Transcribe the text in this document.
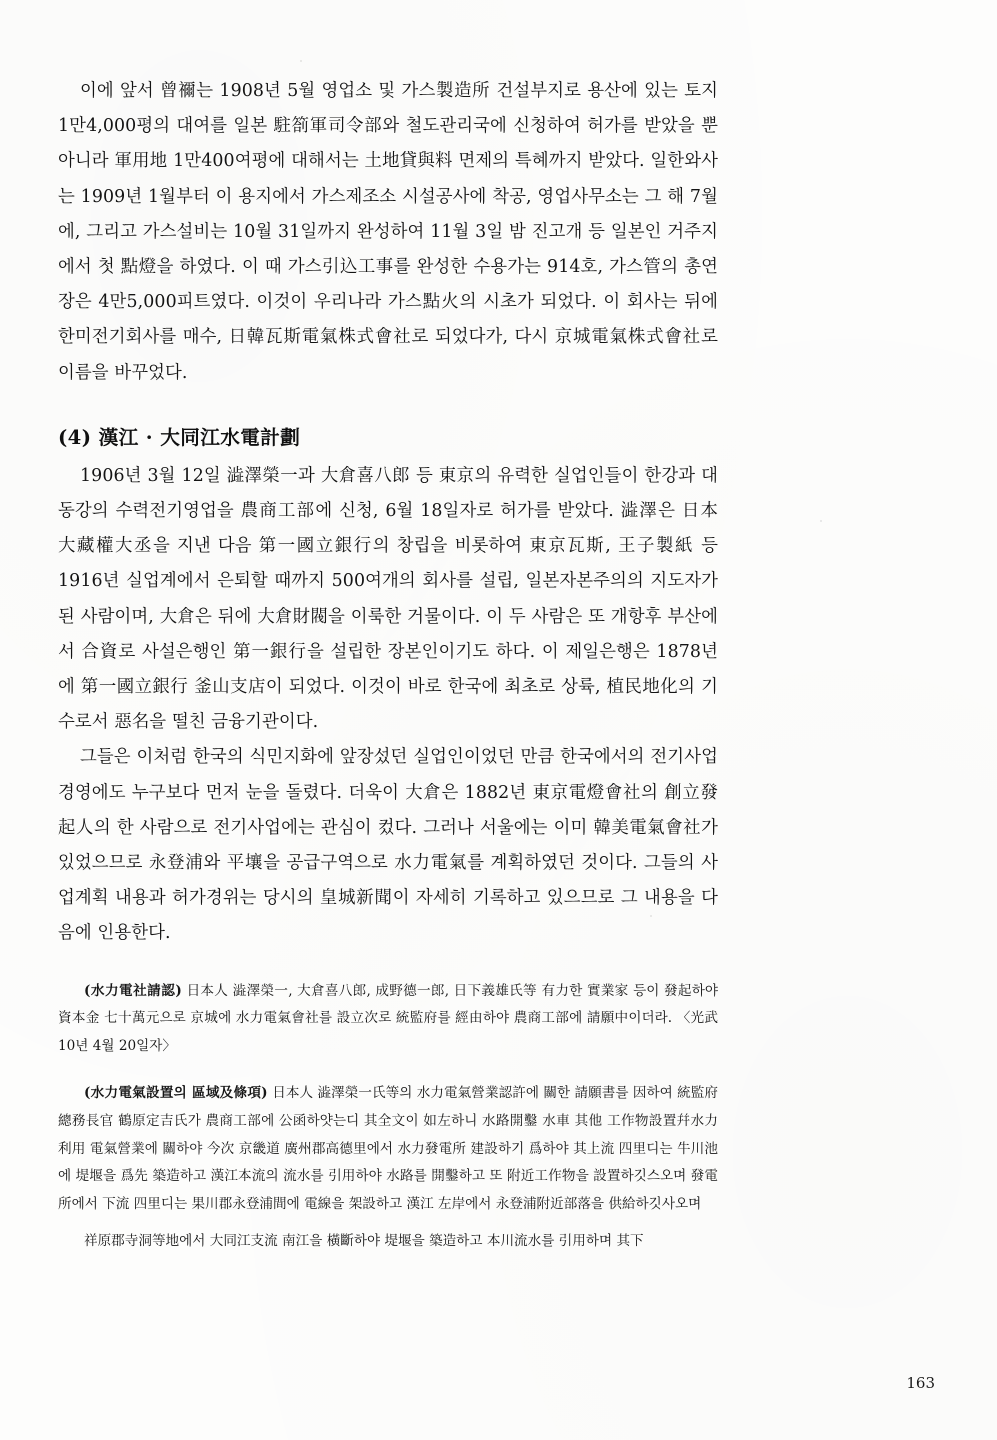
이에 앞서 曾禰는 1908년 5월 영업소 및 가스製造所 건설부지로 용산에 있는 토지 1만4,000평의 대여를 일본 駐箚軍司令部와 철도관리국에 신청하여 허가를 받았을 뿐 아니라 軍用地 1만400여평에 대해서는 土地貸與料 면제의 특혜까지 받았다. 일한와사는 1909년 1월부터 이 용지에서 가스제조소 시설공사에 착공, 영업사무소는 그 해 7월에, 그리고 가스설비는 10월 31일까지 완성하여 11월 3일 밤 진고개 등 일본인 거주지에서 첫 點燈을 하였다. 이 때 가스引込工事를 완성한 수용가는 914호, 가스管의 총연장은 4만5,000피트였다. 이것이 우리나라 가스點火의 시초가 되었다. 이 회사는 뒤에 한미전기회사를 매수, 日韓瓦斯電氣株式會社로 되었다가, 다시 京城電氣株式會社로 이름을 바꾸었다.

(4) 漢江 · 大同江水電計劃

1906년 3월 12일 澁澤榮一과 大倉喜八郎 등 東京의 유력한 실업인들이 한강과 대동강의 수력전기영업을 農商工部에 신청, 6월 18일자로 허가를 받았다. 澁澤은 日本 大藏權大丞을 지낸 다음 第一國立銀行의 창립을 비롯하여 東京瓦斯, 王子製紙 등 1916년 실업계에서 은퇴할 때까지 500여개의 회사를 설립, 일본자본주의의 지도자가 된 사람이며, 大倉은 뒤에 大倉財閥을 이룩한 거물이다. 이 두 사람은 또 개항후 부산에서 合資로 사설은행인 第一銀行을 설립한 장본인이기도 하다. 이 제일은행은 1878년에 第一國立銀行 釜山支店이 되었다. 이것이 바로 한국에 최초로 상륙, 植民地化의 기수로서 惡名을 떨친 금융기관이다.

그들은 이처럼 한국의 식민지화에 앞장섰던 실업인이었던 만큼 한국에서의 전기사업 경영에도 누구보다 먼저 눈을 돌렸다. 더욱이 大倉은 1882년 東京電燈會社의 創立發起人의 한 사람으로 전기사업에는 관심이 컸다. 그러나 서울에는 이미 韓美電氣會社가 있었으므로 永登浦와 平壤을 공급구역으로 水力電氣를 계획하였던 것이다. 그들의 사업계획 내용과 허가경위는 당시의 皇城新聞이 자세히 기록하고 있으므로 그 내용을 다음에 인용한다.

(水力電社請認) 日本人 澁澤榮一, 大倉喜八郎, 成野德一郎, 日下義雄氏等 有力한 實業家 등이 發起하야 資本金 七十萬元으로 京城에 水力電氣會社를 設立次로 統監府를 經由하야 農商工部에 請願中이더라. 〈光武 10년 4월 20일자〉
(水力電氣設置의 區域及條項) 日本人 澁澤榮一氏等의 水力電氣營業認許에 關한 請願書를 因하여 統監府 總務長官 鶴原定吉氏가 農商工部에 公函하얏는디 其全文이 如左하니 水路開鑿 水車 其他 工作物設置幷水力利用 電氣營業에 關하야 今次 京畿道 廣州郡高德里에서 水力發電所 建設하기 爲하야 其上流 四里디는 牛川池에 堤堰을 爲先 築造하고 漢江本流의 流水를 引用하야 水路를 開鑿하고 또 附近工作物을 設置하깃스오며 發電所에서 下流 四里디는 果川郡永登浦間에 電線을 架設하고 漢江 左岸에서 永登浦附近部落을 供給하깃사오며
祥原郡寺洞等地에서 大同江支流 南江을 橫斷하야 堤堰을 築造하고 本川流水를 引用하며 其下
163
